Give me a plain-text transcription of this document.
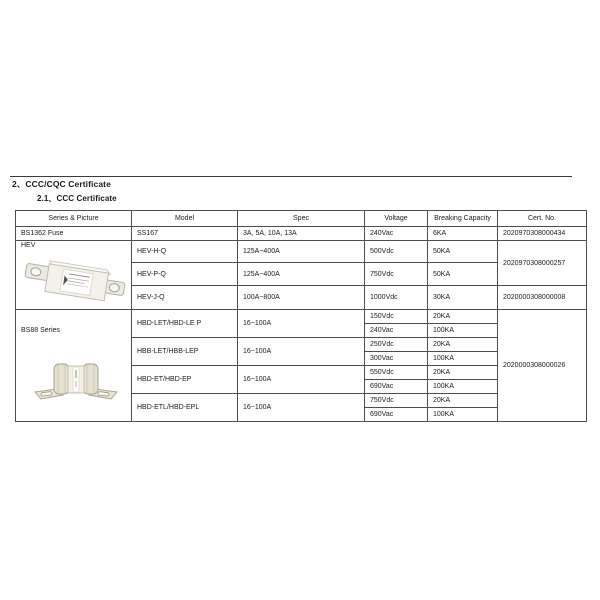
2、CCC/CQC Certificate
2.1、CCC Certificate
Series & Picture	Model	Spec	Voltage	Breaking Capacity	Cert. No.
BS1362 Fuse	SS167	3A, 5A, 10A, 13A	240Vac	6KA	2020970308000434

HEV	HEV-H-Q	125A~400A	500Vdc	50KA	2020970308000257
	HEV-P-Q	125A~400A	750Vdc	50KA	
	HEV-J-Q	100A~800A	1000Vdc	30KA	2020000308000008

BS88 Series	HBD-LET/HBD-LE P	16~100A	150Vdc	20KA	2020000308000026
			240Vac	100KA	
	HBB-LET/HBB-LEP	16~100A	250Vdc	20KA	
			300Vac	100KA	
	HBD-ET/HBD-EP	16~100A	550Vdc	20KA	
			690Vac	100KA	
	HBD-ETL/HBD-EPL	16~100A	750Vdc	20KA	
			690Vac	100KA	
